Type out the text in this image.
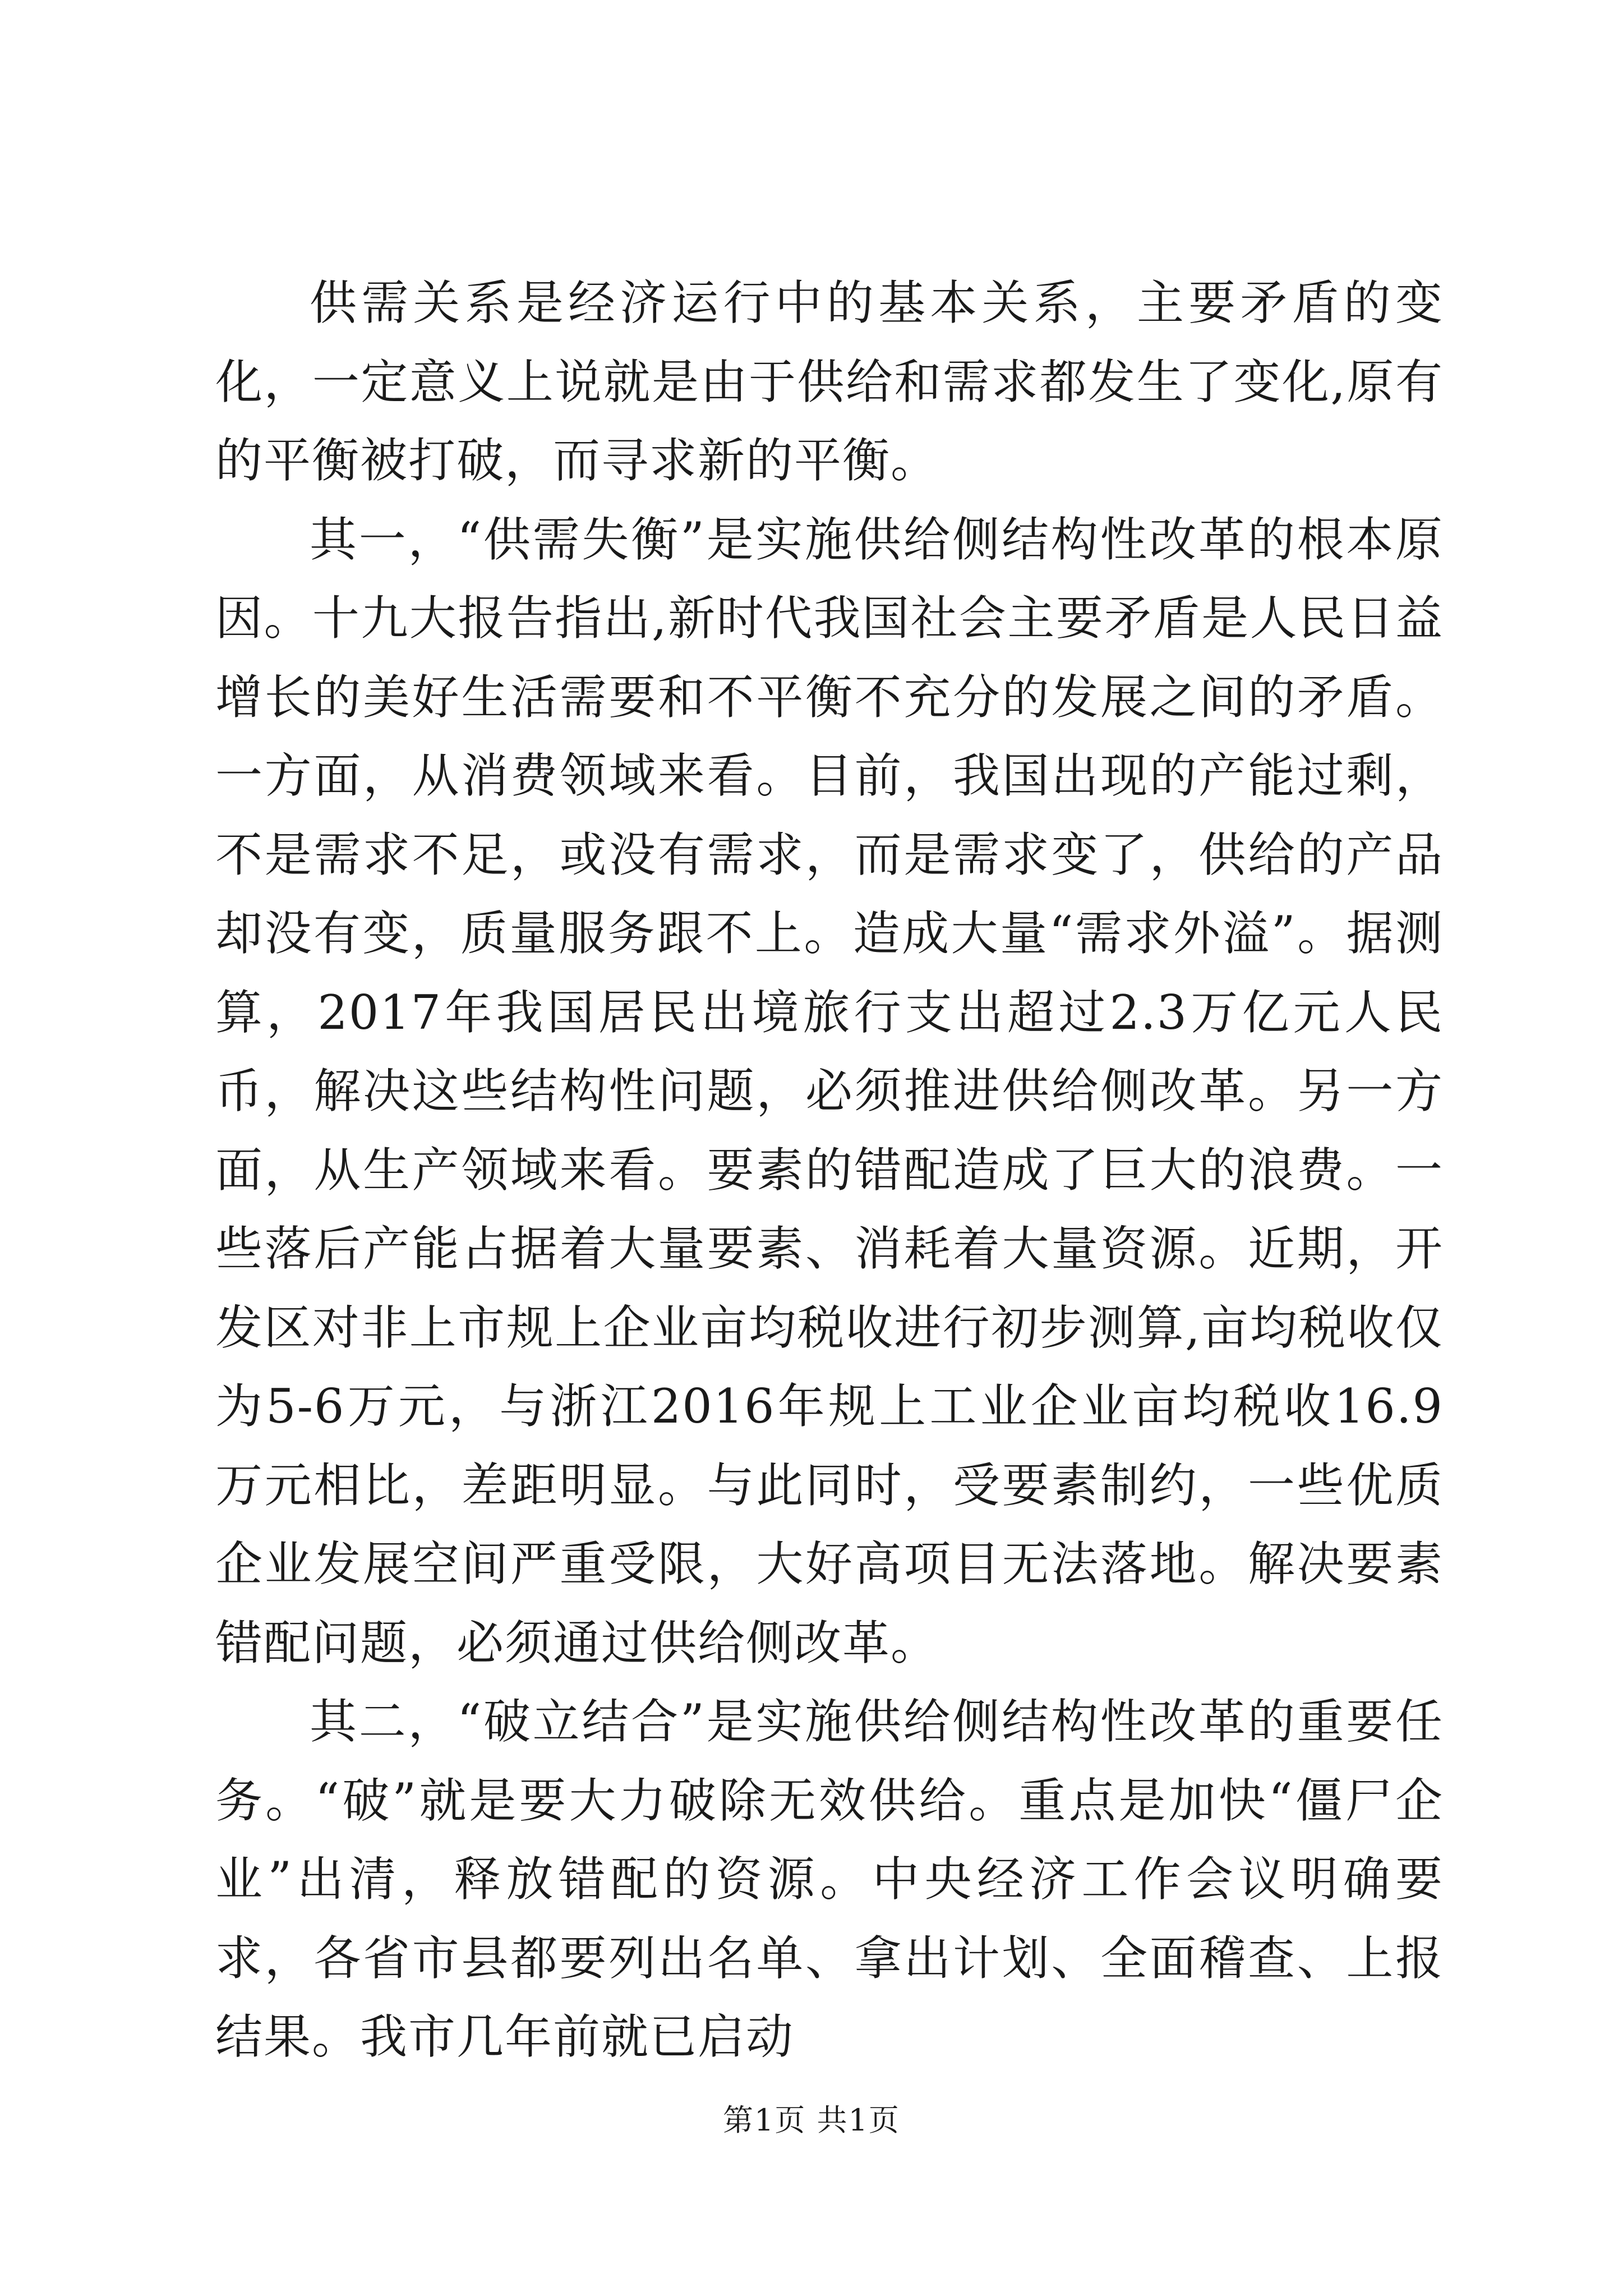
供需关系是经济运行中的基本关系，主要矛盾的变化，一定意义上说就是由于供给和需求都发生了变化,原有的平衡被打破，而寻求新的平衡。

其一，“供需失衡”是实施供给侧结构性改革的根本原因。十九大报告指出,新时代我国社会主要矛盾是人民日益增长的美好生活需要和不平衡不充分的发展之间的矛盾。一方面，从消费领域来看。目前，我国出现的产能过剩，不是需求不足，或没有需求，而是需求变了，供给的产品却没有变，质量服务跟不上。造成大量“需求外溢”。据测算，2017年我国居民出境旅行支出超过2.3万亿元人民币，解决这些结构性问题，必须推进供给侧改革。另一方面，从生产领域来看。要素的错配造成了巨大的浪费。一些落后产能占据着大量要素、消耗着大量资源。近期，开发区对非上市规上企业亩均税收进行初步测算,亩均税收仅为5-6万元，与浙江2016年规上工业企业亩均税收16.9万元相比，差距明显。与此同时，受要素制约，一些优质企业发展空间严重受限，大好高项目无法落地。解决要素错配问题，必须通过供给侧改革。

其二，“破立结合”是实施供给侧结构性改革的重要任务。“破”就是要大力破除无效供给。重点是加快“僵尸企业”出清，释放错配的资源。中央经济工作会议明确要求，各省市县都要列出名单、拿出计划、全面稽查、上报结果。我市几年前就已启动

第1页 共1页
